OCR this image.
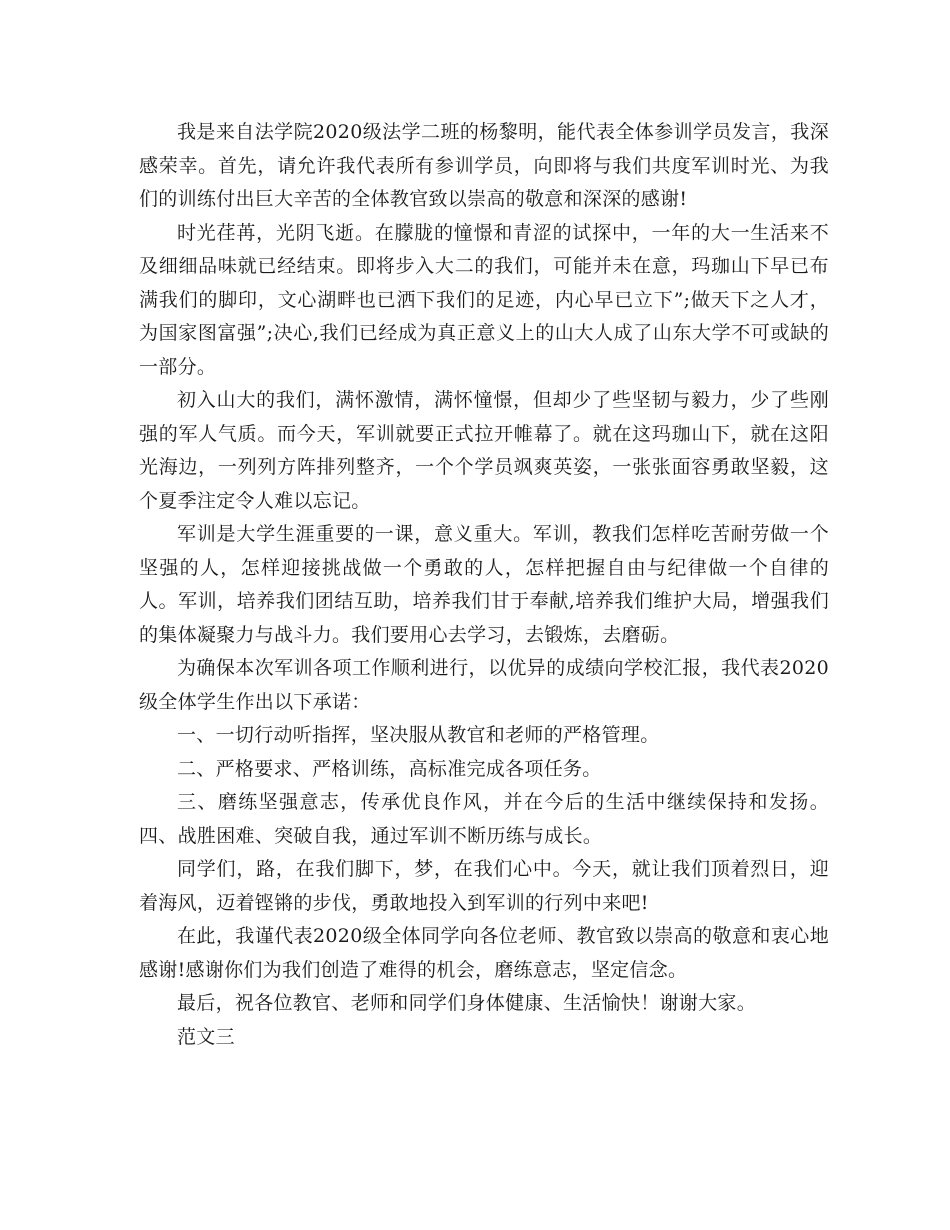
我是来自法学院2020级法学二班的杨黎明，能代表全体参训学员发言，我深感荣幸。首先，请允许我代表所有参训学员，向即将与我们共度军训时光、为我们的训练付出巨大辛苦的全体教官致以崇高的敬意和深深的感谢!

时光荏苒，光阴飞逝。在朦胧的憧憬和青涩的试探中，一年的大一生活来不及细细品味就已经结束。即将步入大二的我们，可能并未在意，玛珈山下早已布满我们的脚印，文心湖畔也已洒下我们的足迹，内心早已立下”;做天下之人才，为国家图富强”;决心,我们已经成为真正意义上的山大人成了山东大学不可或缺的一部分。

初入山大的我们，满怀激情，满怀憧憬，但却少了些坚韧与毅力，少了些刚强的军人气质。而今天，军训就要正式拉开帷幕了。就在这玛珈山下，就在这阳光海边，一列列方阵排列整齐，一个个学员飒爽英姿，一张张面容勇敢坚毅，这个夏季注定令人难以忘记。

军训是大学生涯重要的一课，意义重大。军训，教我们怎样吃苦耐劳做一个坚强的人，怎样迎接挑战做一个勇敢的人，怎样把握自由与纪律做一个自律的人。军训，培养我们团结互助，培养我们甘于奉献,培养我们维护大局，增强我们的集体凝聚力与战斗力。我们要用心去学习，去锻炼，去磨砺。

为确保本次军训各项工作顺利进行，以优异的成绩向学校汇报，我代表2020级全体学生作出以下承诺：

一、一切行动听指挥，坚决服从教官和老师的严格管理。

二、严格要求、严格训练，高标准完成各项任务。

三、磨练坚强意志，传承优良作风，并在今后的生活中继续保持和发扬。 四、战胜困难、突破自我，通过军训不断历练与成长。

同学们，路，在我们脚下，梦，在我们心中。今天，就让我们顶着烈日，迎着海风，迈着铿锵的步伐，勇敢地投入到军训的行列中来吧!

在此，我谨代表2020级全体同学向各位老师、教官致以崇高的敬意和衷心地感谢!感谢你们为我们创造了难得的机会，磨练意志，坚定信念。

最后，祝各位教官、老师和同学们身体健康、生活愉快！谢谢大家。

范文三
